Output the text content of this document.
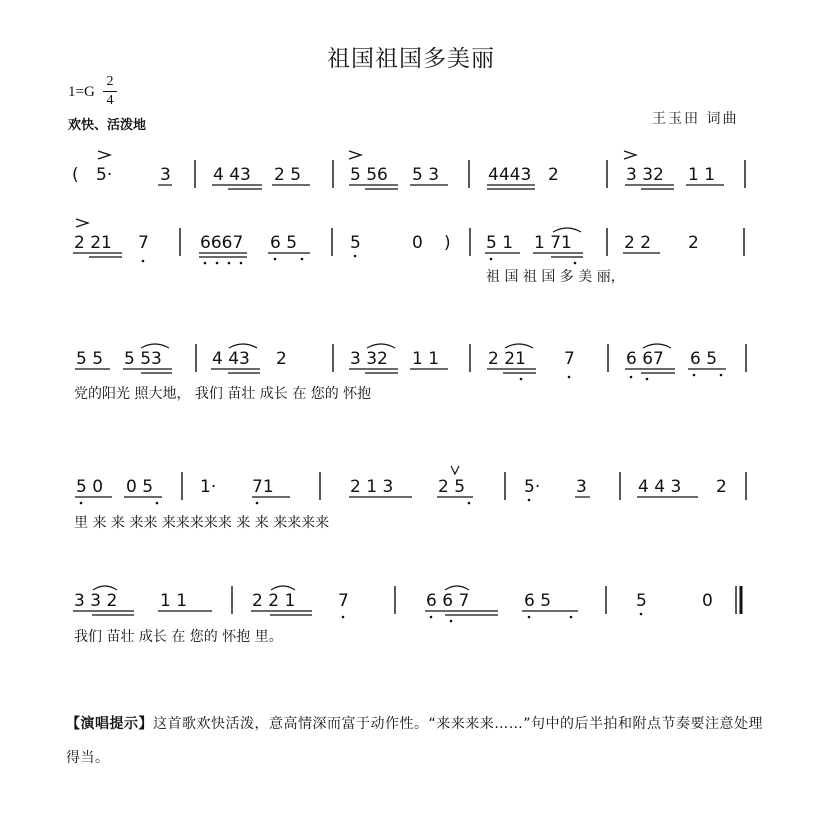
祖国祖国多美丽
1=G
2
4
欢快、活泼地	王玉田 词曲
( 5·	3 4 43 2 5	5 56 5 3	4443 2	3 32 1 1
2 21 7	6667 6 5	5	0 ) 5 1 1 71	2 2 2
祖 国 祖 国 多 美 丽，
5 5 5 53	4 43 2	3 32 1 1	2 21 7	6 67 6 5
党的阳光 照大地， 我们 苗壮 成长 在 您的 怀抱
5 0 0 5	1· 71	2 1 3	2 5	5· 3	4 4 3 2
里 来 来 来来 来来来来来 来 来 来来来来
3 3 2	1 1	2 2 1	7	6 6 7	6 5	5	0
我们 苗壮 成长 在 您的 怀抱 里。
【演唱提示】这首歌欢快活泼，意高情深而富于动作性。“来来来来……”句中的后半拍和附点节奏要注意处理得当。
